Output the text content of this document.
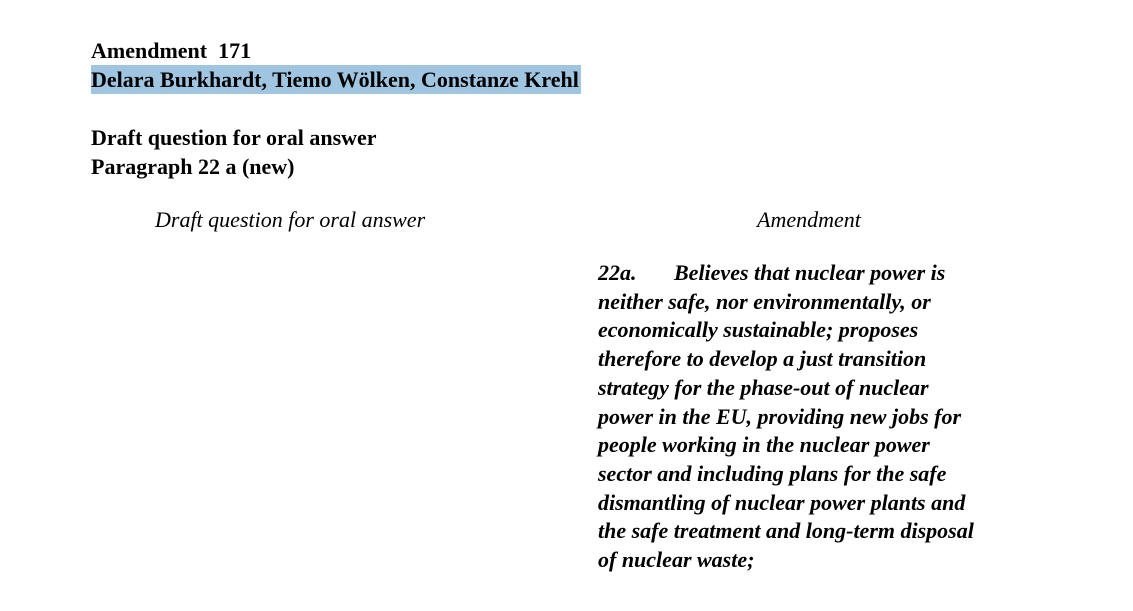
Amendment  171
Delara Burkhardt, Tiemo Wölken, Constanze Krehl
Draft question for oral answer
Paragraph 22 a (new)
Draft question for oral answer	Amendment
22a. Believes that nuclear power is
neither safe, nor environmentally, or
economically sustainable; proposes
therefore to develop a just transition
strategy for the phase-out of nuclear
power in the EU, providing new jobs for
people working in the nuclear power
sector and including plans for the safe
dismantling of nuclear power plants and
the safe treatment and long-term disposal
of nuclear waste;
